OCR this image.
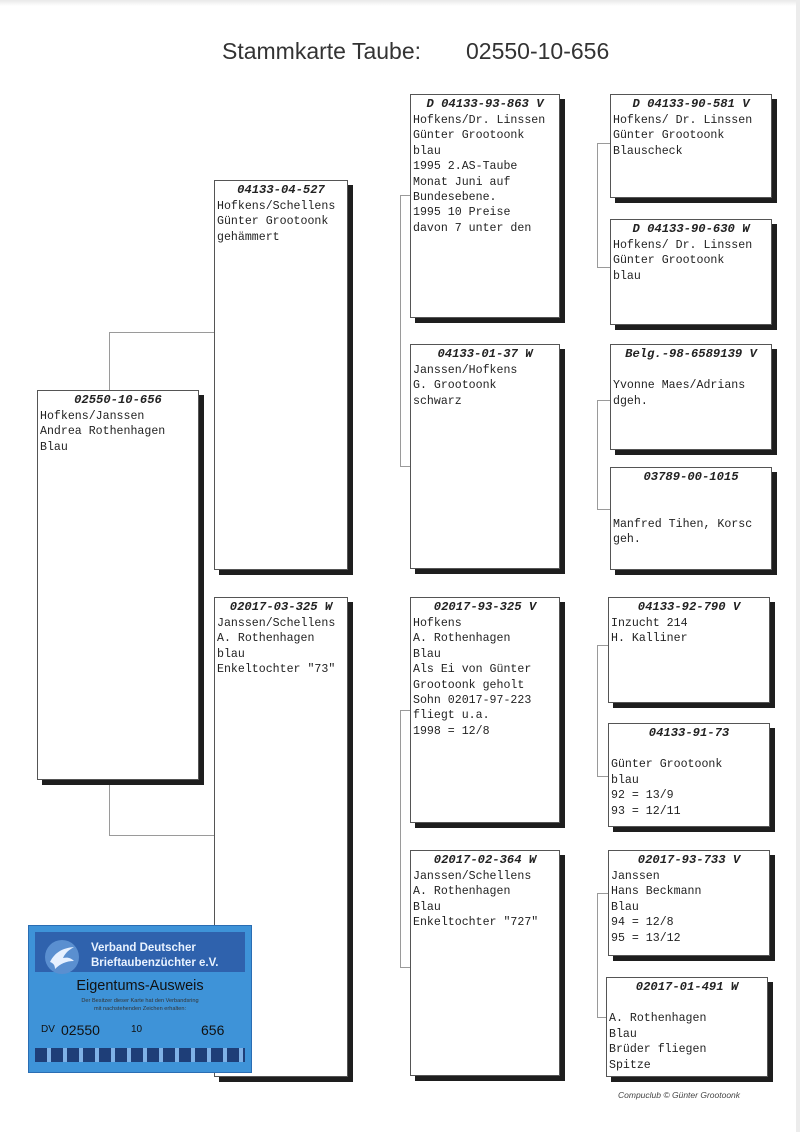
Stammkarte Taube: 02550-10-656
02550-10-656
Hofkens/Janssen
Andrea Rothenhagen
Blau
04133-04-527
Hofkens/Schellens
Günter Grootoonk
gehämmert
02017-03-325 W
Janssen/Schellens
A. Rothenhagen
blau
Enkeltochter "73"
D 04133-93-863 V
Hofkens/Dr. Linssen
Günter Grootoonk
blau
1995 2.AS-Taube
Monat Juni auf
Bundesebene.
1995 10 Preise
davon 7 unter den
04133-01-37 W
Janssen/Hofkens
G. Grootoonk
schwarz
02017-93-325 V
Hofkens
A. Rothenhagen
Blau
Als Ei von Günter
Grootoonk geholt
Sohn 02017-97-223
fliegt u.a.
1998 = 12/8
02017-02-364 W
Janssen/Schellens
A. Rothenhagen
Blau
Enkeltochter "727"
D 04133-90-581 V
Hofkens/ Dr. Linssen
Günter Grootoonk
Blauscheck
D 04133-90-630 W
Hofkens/ Dr. Linssen
Günter Grootoonk
blau
Belg.-98-6589139 V
Yvonne Maes/Adrians
dgeh.
03789-00-1015
Manfred Tihen, Korsc
geh.
04133-92-790 V
Inzucht 214
H. Kalliner
04133-91-73
Günter Grootoonk
blau
92 = 13/9
93 = 12/11
02017-93-733 V
Janssen
Hans Beckmann
Blau
94 = 12/8
95 = 13/12
02017-01-491 W
A. Rothenhagen
Blau
Brüder fliegen
Spitze
Verband Deutscher
Brieftaubenzüchter e.V.
Eigentums-Ausweis
Der Besitzer dieser Karte hat den Verbandsring
mit nachstehenden Zeichen erhalten:
DV 02550	10	656
Compuclub © Günter Grootoonk
